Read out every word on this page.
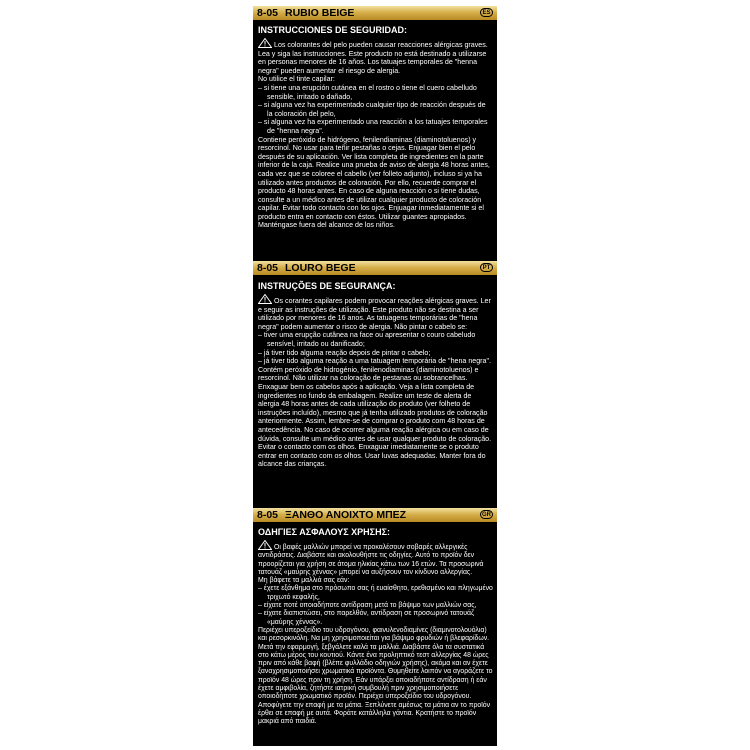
8-05 RUBIO BEIGE	ES
INSTRUCCIONES DE SEGURIDAD:

Los colorantes del pelo pueden causar reacciones alérgicas graves. Lea y siga las instrucciones. Este producto no está destinado a utilizarse en personas menores de 16 años. Los tatuajes temporales de "henna negra" pueden aumentar el riesgo de alergia.

No utilice el tinte capilar:

– si tiene una erupción cutánea en el rostro o tiene el cuero cabelludo sensible, irritado o dañado,

– si alguna vez ha experimentado cualquier tipo de reacción después de la coloración del pelo,

– si alguna vez ha experimentado una reacción a los tatuajes temporales de "henna negra".

Contiene peróxido de hidrógeno, fenilendiaminas (diaminotoluenos) y resorcinol. No usar para teñir pestañas o cejas. Enjuagar bien el pelo después de su aplicación. Ver lista completa de ingredientes en la parte inferior de la caja. Realice una prueba de aviso de alergia 48 horas antes, cada vez que se coloree el cabello (ver folleto adjunto), incluso si ya ha utilizado antes productos de coloración. Por ello, recuerde comprar el producto 48 horas antes. En caso de alguna reacción o si tiene dudas, consulte a un médico antes de utilizar cualquier producto de coloración capilar. Evitar todo contacto con los ojos. Enjuagar inmediatamente si el producto entra en contacto con éstos. Utilizar guantes apropiados. Manténgase fuera del alcance de los niños.

8-05 LOURO BEGE	PT
INSTRUÇÕES DE SEGURANÇA:

Os corantes capilares podem provocar reações alérgicas graves. Ler e seguir as instruções de utilização. Este produto não se destina a ser utilizado por menores de 16 anos. As tatuagens temporárias de "hena negra" podem aumentar o risco de alergia. Não pintar o cabelo se:

– tiver uma erupção cutânea na face ou apresentar o couro cabeludo sensível, irritado ou danificado;

– já tiver tido alguma reação depois de pintar o cabelo;

– já tiver tido alguma reação a uma tatuagem temporária de "hena negra".

Contém peróxido de hidrogénio, fenilenodiaminas (diaminotoluenos) e resorcinol. Não utilizar na coloração de pestanas ou sobrancelhas. Enxaguar bem os cabelos após a aplicação. Veja a lista completa de ingredientes no fundo da embalagem. Realize um teste de alerta de alergia 48 horas antes de cada utilização do produto (ver folheto de instruções incluído), mesmo que já tenha utilizado produtos de coloração anteriormente. Assim, lembre-se de comprar o produto com 48 horas de antecedência. No caso de ocorrer alguma reação alérgica ou em caso de dúvida, consulte um médico antes de usar qualquer produto de coloração. Evitar o contacto com os olhos. Enxaguar imediatamente se o produto entrar em contacto com os olhos. Usar luvas adequadas. Manter fora do alcance das crianças.

8-05 ΞΑΝΘΟ ΑΝΟΙΧΤΟ ΜΠΕΖ	GR
ΟΔΗΓΙΕΣ ΑΣΦΑΛΟΥΣ ΧΡΗΣΗΣ:

Οι βαφές μαλλιών μπορεί να προκαλέσουν σοβαρές αλλεργικές αντιδράσεις. Διαβάστε και ακολουθήστε τις οδηγίες. Αυτό το προϊόν δεν προορίζεται για χρήση σε άτομα ηλικίας κάτω των 16 ετών. Τα προσωρινά τατουάζ «μαύρης χέννας» μπορεί να αυξήσουν τον κίνδυνο αλλεργίας.

Μη βάφετε τα μαλλιά σας εάν:

– έχετε εξάνθημα στο πρόσωπο σας ή ευαίσθητο, ερεθισμένο και πληγωμένο τριχωτό κεφαλής,

– είχατε ποτέ οποιαδήποτε αντίδραση μετά το βάψιμο των μαλλιών σας,

– είχατε διαπιστώσει, στο παρελθόν, αντίδραση σε προσωρινό τατουάζ «μαύρης χέννας».

Περιέχει υπεροξείδιο του υδρογόνου, φαινυλενοδιαμίνες (διαμινοτολουόλια) και ρεσορκινόλη. Να μη χρησιμοποιείται για βάψιμο φρυδιών ή βλεφαρίδων. Μετά την εφαρμογή, ξεβγάλετε καλά τα μαλλιά. Διαβάστε όλα τα συστατικά στο κάτω μέρος του κουτιού. Κάντε ένα προληπτικό τεστ αλλεργίας 48 ώρες πριν από κάθε βαφή (βλέπε φυλλάδιο οδηγιών χρήσης), ακόμα και αν έχετε ξαναχρησιμοποιήσει χρωματικά προϊόντα. Θυμηθείτε λοιπόν να αγοράζετε το προϊόν 48 ώρες πριν τη χρήση. Εάν υπάρξει οποιαδήποτε αντίδραση ή εάν έχετε αμφιβολία, ζητήστε ιατρική συμβουλή πριν χρησιμοποιήσετε οποιοδήποτε χρωματικό προϊόν. Περιέχει υπεροξείδιο του υδρογόνου. Αποφύγετε την επαφή με τα μάτια. Ξεπλύνετε αμέσως τα μάτια αν το προϊόν έρθει σε επαφή με αυτά. Φοράτε κατάλληλα γάντια. Κρατήστε το προϊόν μακριά από παιδιά.
